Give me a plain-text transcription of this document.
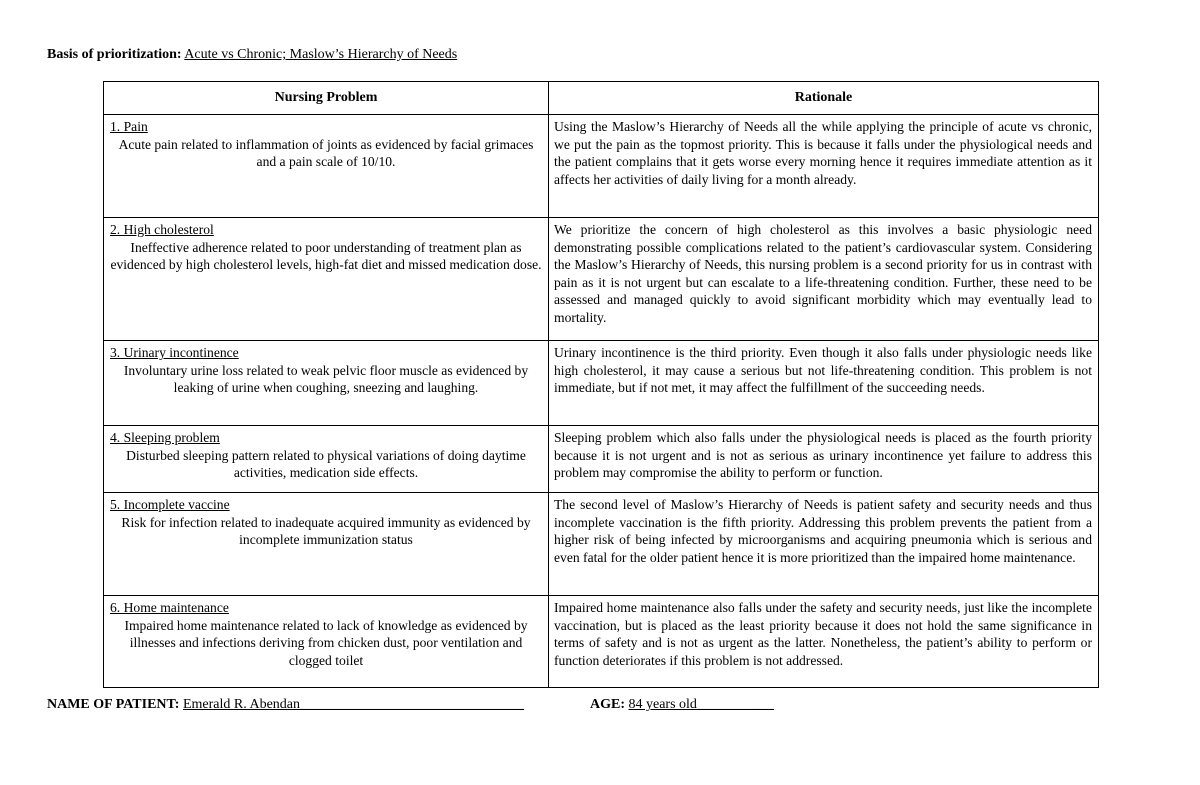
Basis of prioritization: Acute vs Chronic; Maslow’s Hierarchy of Needs
Nursing Problem	Rationale

1. Pain
Acute pain related to inflammation of joints as evidenced by facial grimaces and a pain scale of 10/10.	Using the Maslow’s Hierarchy of Needs all the while applying the principle of acute vs chronic, we put the pain as the topmost priority. This is because it falls under the physiological needs and the patient complains that it gets worse every morning hence it requires immediate attention as it affects her activities of daily living for a month already.

2. High cholesterol
Ineffective adherence related to poor understanding of treatment plan as evidenced by high cholesterol levels, high-fat diet and missed medication dose.	We prioritize the concern of high cholesterol as this involves a basic physiologic need demonstrating possible complications related to the patient’s cardiovascular system. Considering the Maslow’s Hierarchy of Needs, this nursing problem is a second priority for us in contrast with pain as it is not urgent but can escalate to a life-threatening condition. Further, these need to be assessed and managed quickly to avoid significant morbidity which may eventually lead to mortality.

3. Urinary incontinence
Involuntary urine loss related to weak pelvic floor muscle as evidenced by leaking of urine when coughing, sneezing and laughing.	Urinary incontinence is the third priority. Even though it also falls under physiologic needs like high cholesterol, it may cause a serious but not life-threatening condition. This problem is not immediate, but if not met, it may affect the fulfillment of the succeeding needs.

4. Sleeping problem
Disturbed sleeping pattern related to physical variations of doing daytime activities, medication side effects.	Sleeping problem which also falls under the physiological needs is placed as the fourth priority because it is not urgent and is not as serious as urinary incontinence yet failure to address this problem may compromise the ability to perform or function.

5. Incomplete vaccine
Risk for infection related to inadequate acquired immunity as evidenced by incomplete immunization status	The second level of Maslow’s Hierarchy of Needs is patient safety and security needs and thus incomplete vaccination is the fifth priority. Addressing this problem prevents the patient from a higher risk of being infected by microorganisms and acquiring pneumonia which is serious and even fatal for the older patient hence it is more prioritized than the impaired home maintenance.

6. Home maintenance
Impaired home maintenance related to lack of knowledge as evidenced by illnesses and infections deriving from chicken dust, poor ventilation and clogged toilet	Impaired home maintenance also falls under the safety and security needs, just like the incomplete vaccination, but is placed as the least priority because it does not hold the same significance in terms of safety and is not as urgent as the latter. Nonetheless, the patient’s ability to perform or function deteriorates if this problem is not addressed.
NAME OF PATIENT: Emerald R. Abendan________________________________	AGE: 84 years old___________
